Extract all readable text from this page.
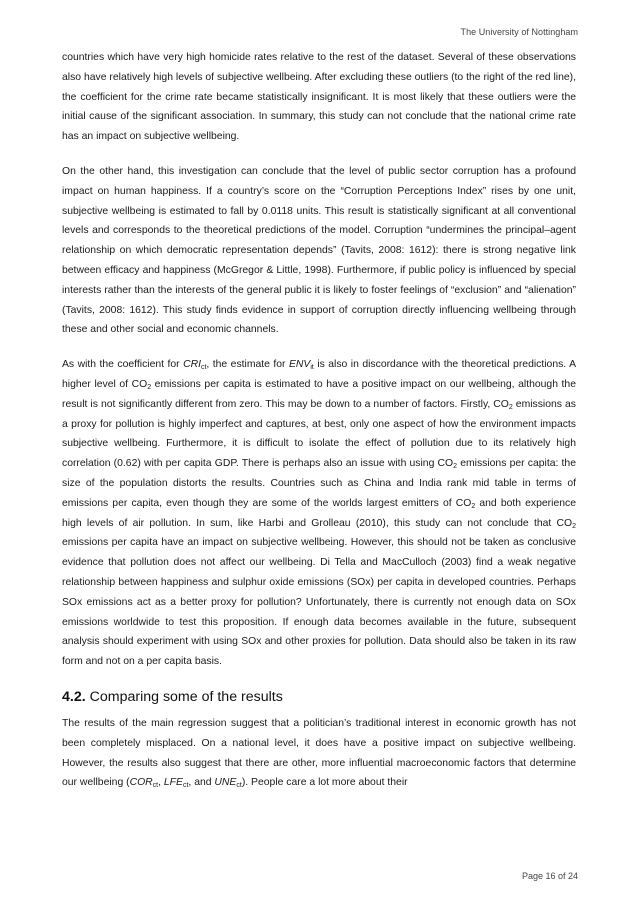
The University of Nottingham

countries which have very high homicide rates relative to the rest of the dataset. Several of these observations also have relatively high levels of subjective wellbeing. After excluding these outliers (to the right of the red line), the coefficient for the crime rate became statistically insignificant. It is most likely that these outliers were the initial cause of the significant association. In summary, this study can not conclude that the national crime rate has an impact on subjective wellbeing.

On the other hand, this investigation can conclude that the level of public sector corruption has a profound impact on human happiness. If a country’s score on the “Corruption Perceptions Index” rises by one unit, subjective wellbeing is estimated to fall by 0.0118 units. This result is statistically significant at all conventional levels and corresponds to the theoretical predictions of the model. Corruption “undermines the principal–agent relationship on which democratic representation depends” (Tavits, 2008: 1612): there is strong negative link between efficacy and happiness (McGregor & Little, 1998). Furthermore, if public policy is influenced by special interests rather than the interests of the general public it is likely to foster feelings of “exclusion” and “alienation” (Tavits, 2008: 1612). This study finds evidence in support of corruption directly influencing wellbeing through these and other social and economic channels.

As with the coefficient for $CRI_{ct}$, the estimate for $ENV_{it}$ is also in discordance with the theoretical predictions. A higher level of $CO_2$ emissions per capita is estimated to have a positive impact on our wellbeing, although the result is not significantly different from zero. This may be down to a number of factors. Firstly, $CO_2$ emissions as a proxy for pollution is highly imperfect and captures, at best, only one aspect of how the environment impacts subjective wellbeing. Furthermore, it is difficult to isolate the effect of pollution due to its relatively high correlation (0.62) with per capita GDP. There is perhaps also an issue with using $CO_2$ emissions per capita: the size of the population distorts the results. Countries such as China and India rank mid table in terms of emissions per capita, even though they are some of the worlds largest emitters of $CO_2$ and both experience high levels of air pollution. In sum, like Harbi and Grolleau (2010), this study can not conclude that $CO_2$ emissions per capita have an impact on subjective wellbeing. However, this should not be taken as conclusive evidence that pollution does not affect our wellbeing. Di Tella and MacCulloch (2003) find a weak negative relationship between happiness and sulphur oxide emissions (SOx) per capita in developed countries. Perhaps SOx emissions act as a better proxy for pollution? Unfortunately, there is currently not enough data on SOx emissions worldwide to test this proposition. If enough data becomes available in the future, subsequent analysis should experiment with using SOx and other proxies for pollution. Data should also be taken in its raw form and not on a per capita basis.

4.2. Comparing some of the results

The results of the main regression suggest that a politician’s traditional interest in economic growth has not been completely misplaced. On a national level, it does have a positive impact on subjective wellbeing. However, the results also suggest that there are other, more influential macroeconomic factors that determine our wellbeing ($COR_{ct}$, $LFE_{ct}$, and $UNE_{ct}$). People care a lot more about their

Page 16 of 24
